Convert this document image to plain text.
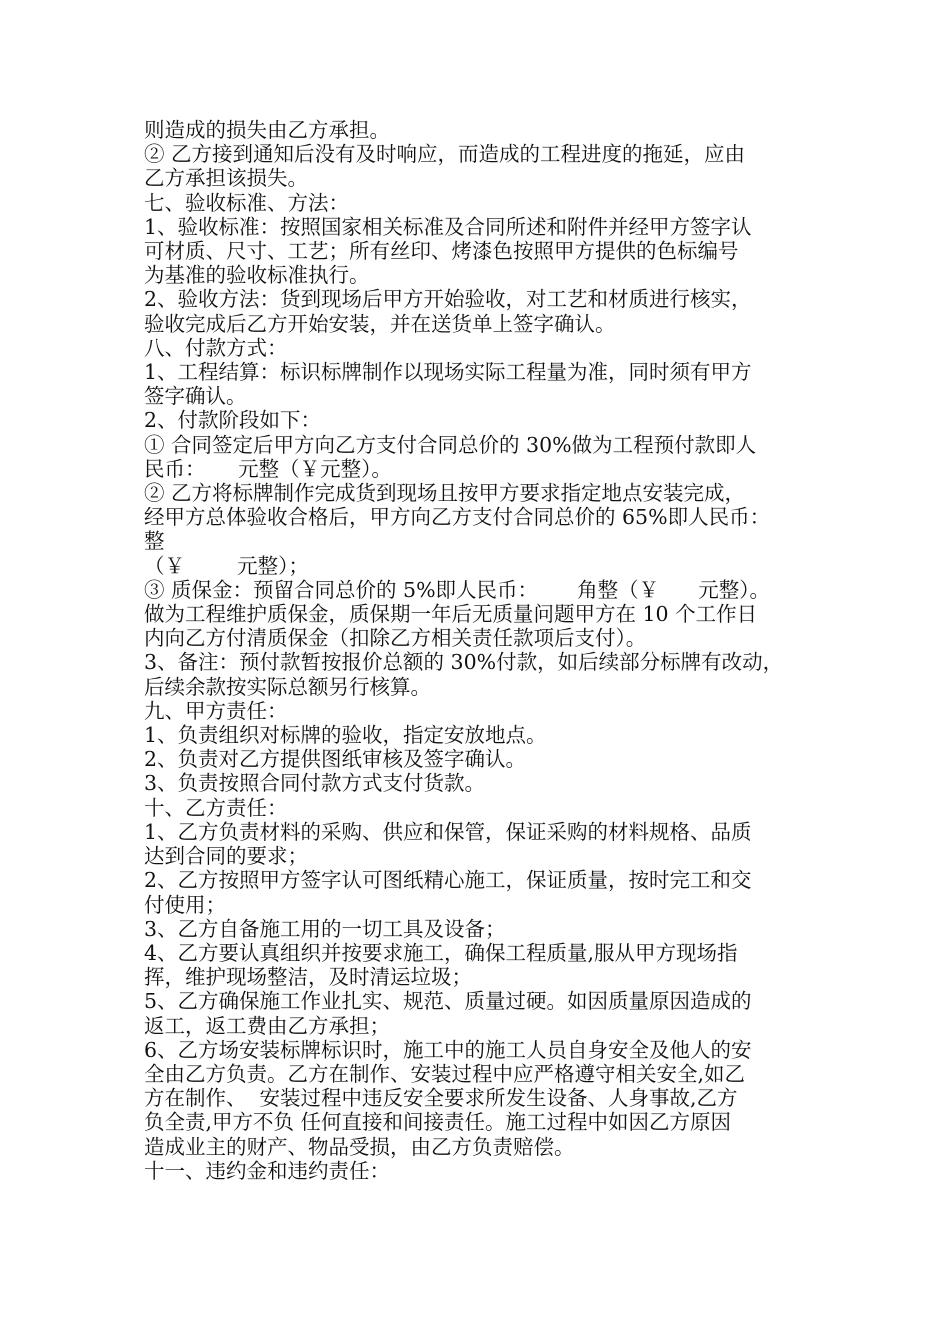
则造成的损失由乙方承担。
② 乙方接到通知后没有及时响应，而造成的工程进度的拖延，应由
乙方承担该损失。
七、验收标准、方法：
1、验收标准：按照国家相关标准及合同所述和附件并经甲方签字认
可材质、尺寸、工艺；所有丝印、烤漆色按照甲方提供的色标编号
为基准的验收标准执行。
2、验收方法：货到现场后甲方开始验收，对工艺和材质进行核实，
验收完成后乙方开始安装，并在送货单上签字确认。
八、付款方式：
1、工程结算：标识标牌制作以现场实际工程量为准，同时须有甲方
签字确认。
2、付款阶段如下：
① 合同签定后甲方向乙方支付合同总价的 30%做为工程预付款即人
民币：     元整（￥元整）。
② 乙方将标牌制作完成货到现场且按甲方要求指定地点安装完成，
经甲方总体验收合格后，甲方向乙方支付合同总价的 65%即人民币：
整
（￥        元整）；
③ 质保金：预留合同总价的 5%即人民币：      角整（￥      元整）。
做为工程维护质保金，质保期一年后无质量问题甲方在 10 个工作日
内向乙方付清质保金（扣除乙方相关责任款项后支付）。
3、备注：预付款暂按报价总额的 30%付款，如后续部分标牌有改动，
后续余款按实际总额另行核算。
九、甲方责任：
1、负责组织对标牌的验收，指定安放地点。
2、负责对乙方提供图纸审核及签字确认。
3、负责按照合同付款方式支付货款。
十、乙方责任：
1、乙方负责材料的采购、供应和保管，保证采购的材料规格、品质
达到合同的要求；
2、乙方按照甲方签字认可图纸精心施工，保证质量，按时完工和交
付使用；
3、乙方自备施工用的一切工具及设备；
4、乙方要认真组织并按要求施工，确保工程质量,服从甲方现场指
挥，维护现场整洁，及时清运垃圾；
5、乙方确保施工作业扎实、规范、质量过硬。如因质量原因造成的
返工，返工费由乙方承担；
6、乙方场安装标牌标识时，施工中的施工人员自身安全及他人的安
全由乙方负责。乙方在制作、安装过程中应严格遵守相关安全,如乙
方在制作、  安装过程中违反安全要求所发生设备、人身事故,乙方
负全责,甲方不负 任何直接和间接责任。施工过程中如因乙方原因
造成业主的财产、物品受损，由乙方负责赔偿。
十一、违约金和违约责任：
